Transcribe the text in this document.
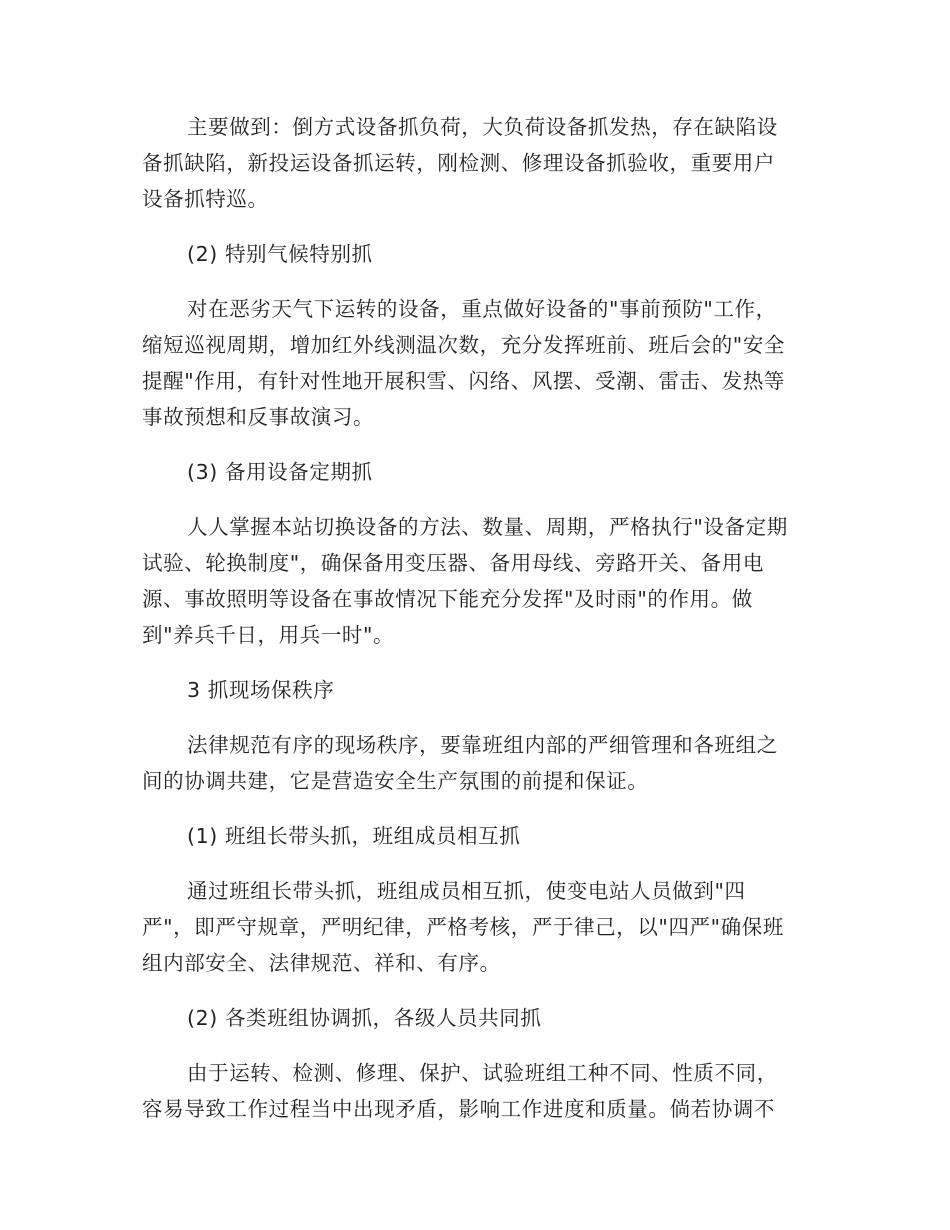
主要做到：倒方式设备抓负荷，大负荷设备抓发热，存在缺陷设
备抓缺陷，新投运设备抓运转，刚检测、修理设备抓验收，重要用户
设备抓特巡。
(2) 特别气候特别抓
对在恶劣天气下运转的设备，重点做好设备的"事前预防"工作，
缩短巡视周期，增加红外线测温次数，充分发挥班前、班后会的"安全
提醒"作用，有针对性地开展积雪、闪络、风摆、受潮、雷击、发热等
事故预想和反事故演习。
(3) 备用设备定期抓
人人掌握本站切换设备的方法、数量、周期，严格执行"设备定期
试验、轮换制度"，确保备用变压器、备用母线、旁路开关、备用电
源、事故照明等设备在事故情况下能充分发挥"及时雨"的作用。做
到"养兵千日，用兵一时"。
3 抓现场保秩序
法律规范有序的现场秩序，要靠班组内部的严细管理和各班组之
间的协调共建，它是营造安全生产氛围的前提和保证。
(1) 班组长带头抓，班组成员相互抓
通过班组长带头抓，班组成员相互抓，使变电站人员做到"四
严"，即严守规章，严明纪律，严格考核，严于律己，以"四严"确保班
组内部安全、法律规范、祥和、有序。
(2) 各类班组协调抓，各级人员共同抓
由于运转、检测、修理、保护、试验班组工种不同、性质不同，
容易导致工作过程当中出现矛盾，影响工作进度和质量。倘若协调不
